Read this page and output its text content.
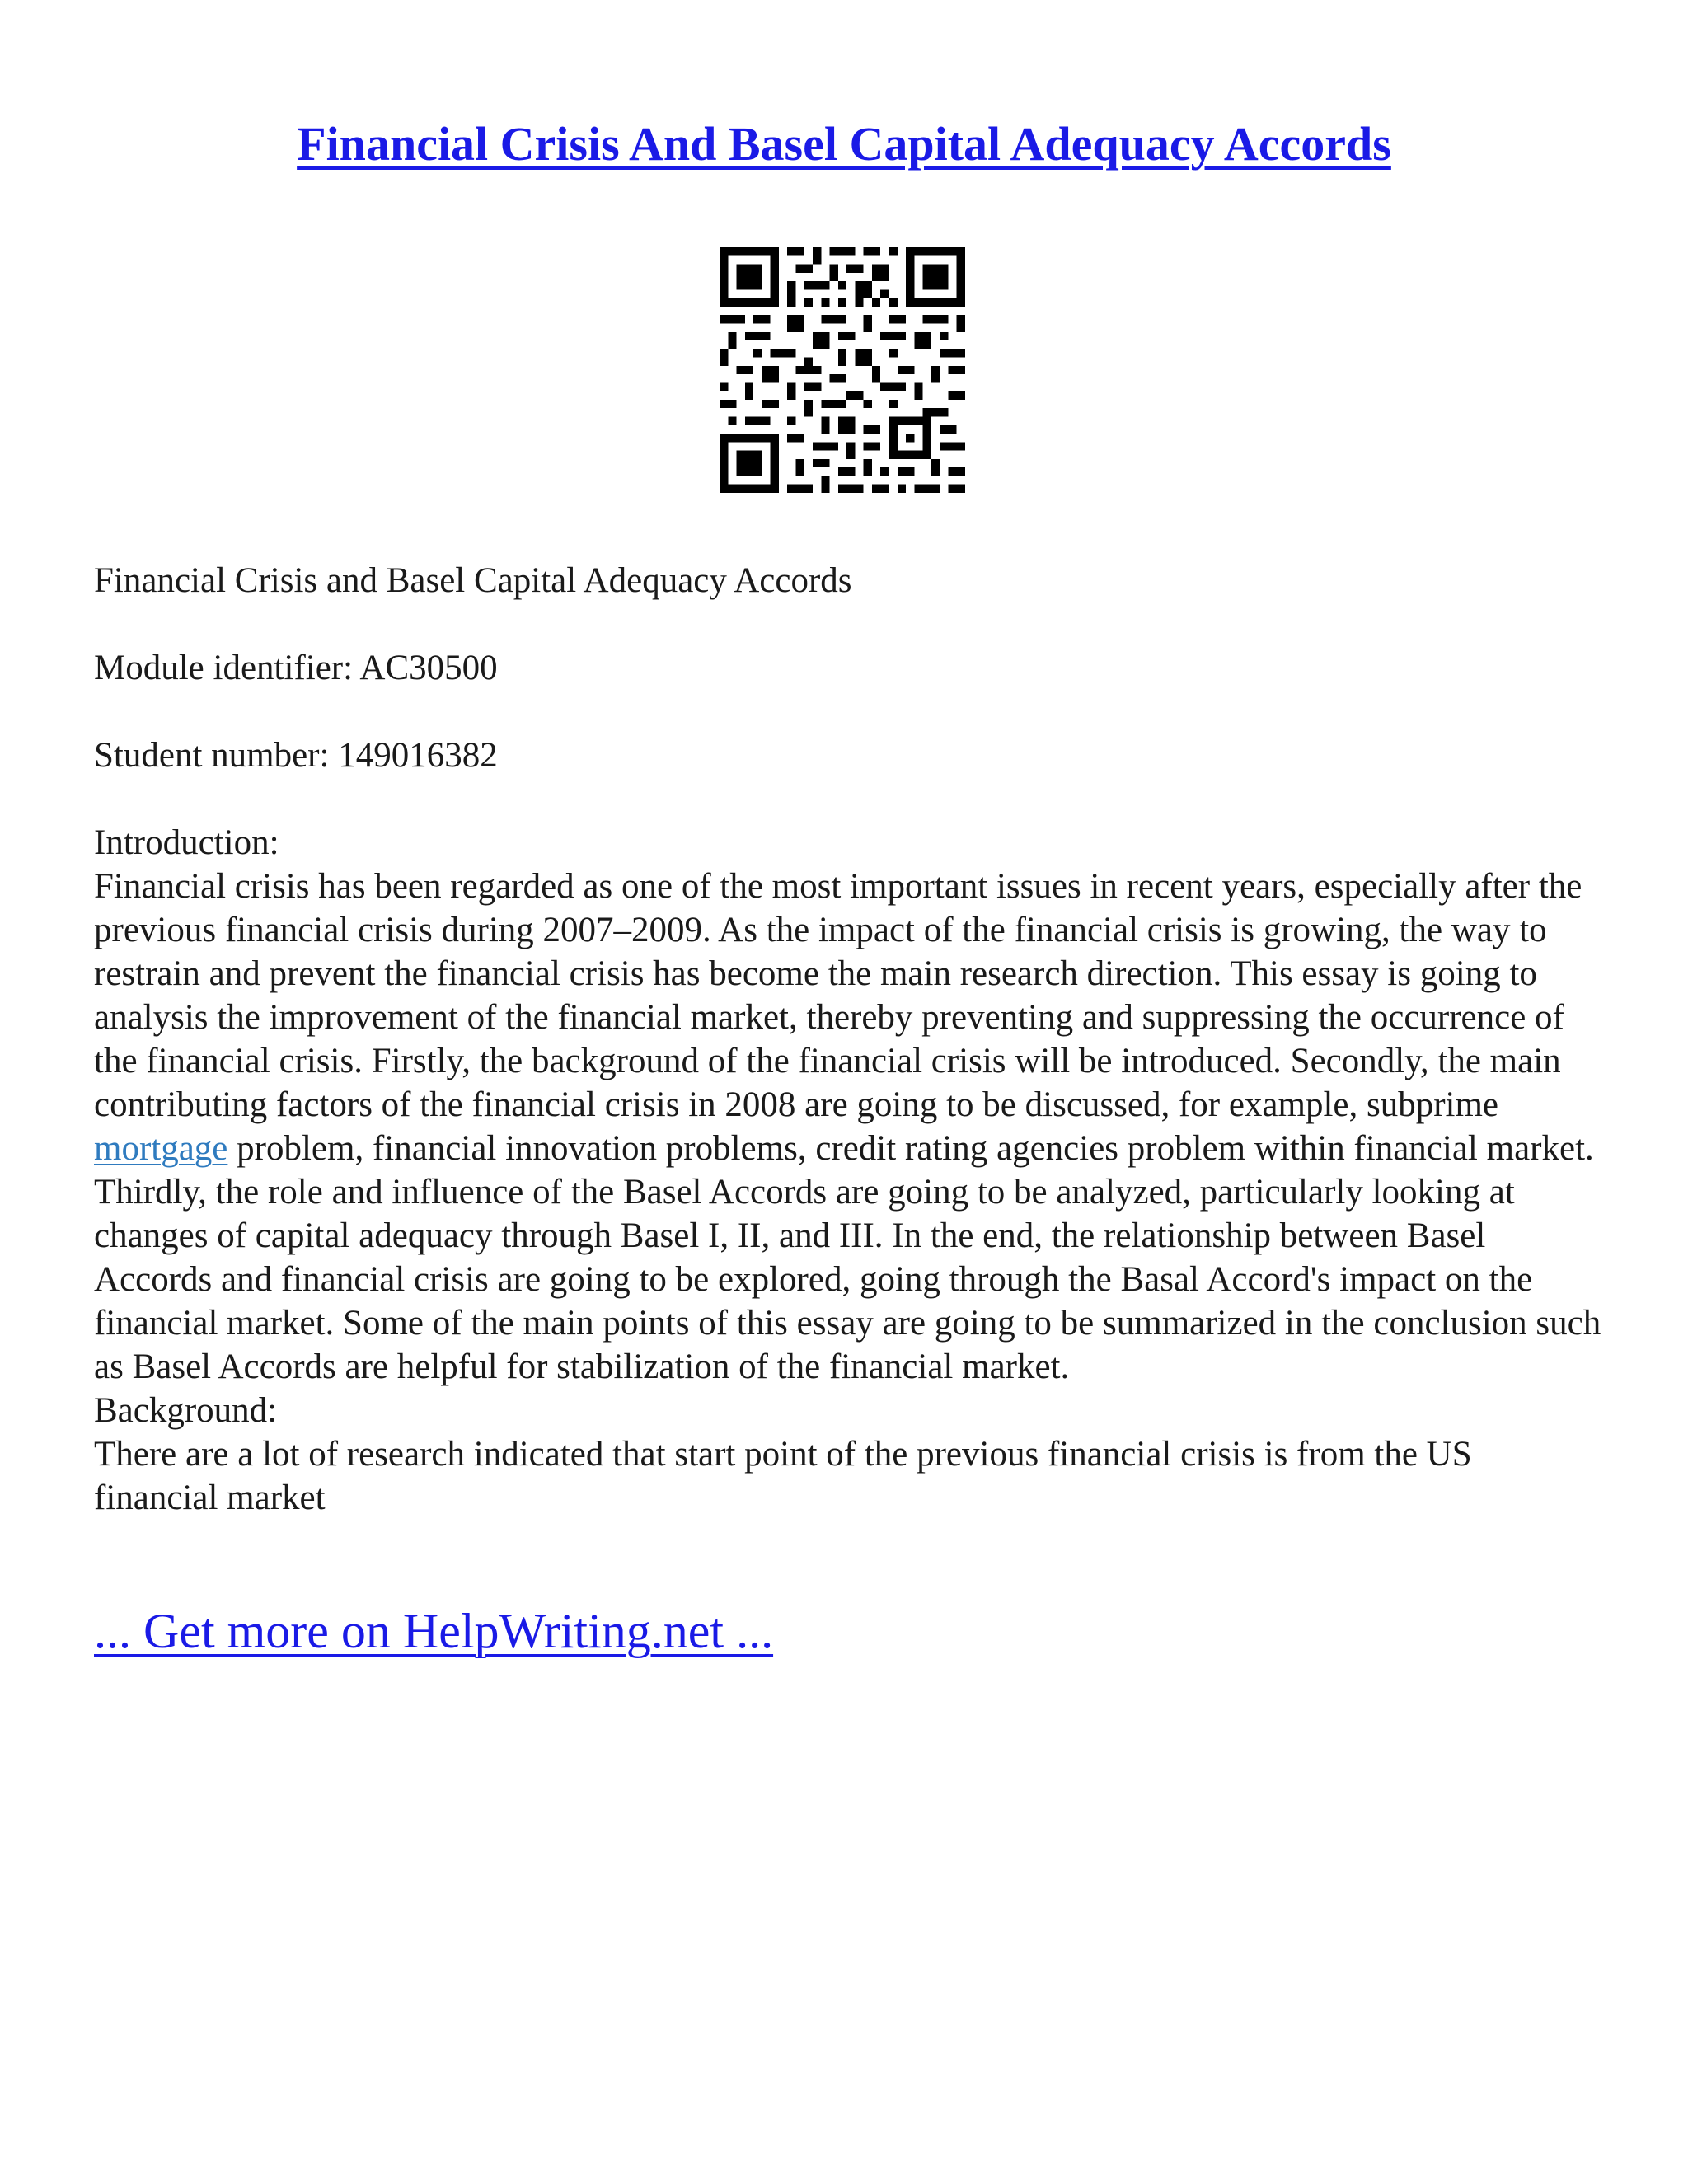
Financial Crisis And Basel Capital Adequacy Accords

Financial Crisis and Basel Capital Adequacy Accords

Module identifier: AC30500

Student number: 149016382

Introduction:

Financial crisis has been regarded as one of the most important issues in recent years, especially after the previous financial crisis during 2007–2009. As the impact of the financial crisis is growing, the way to restrain and prevent the financial crisis has become the main research direction. This essay is going to analysis the improvement of the financial market, thereby preventing and suppressing the occurrence of the financial crisis. Firstly, the background of the financial crisis will be introduced. Secondly, the main contributing factors of the financial crisis in 2008 are going to be discussed, for example, subprime mortgage problem, financial innovation problems, credit rating agencies problem within financial market. Thirdly, the role and influence of the Basel Accords are going to be analyzed, particularly looking at changes of capital adequacy through Basel I, II, and III. In the end, the relationship between Basel Accords and financial crisis are going to be explored, going through the Basal Accord's impact on the financial market. Some of the main points of this essay are going to be summarized in the conclusion such as Basel Accords are helpful for stabilization of the financial market.

Background:

There are a lot of research indicated that start point of the previous financial crisis is from the US financial market

... Get more on HelpWriting.net ...
